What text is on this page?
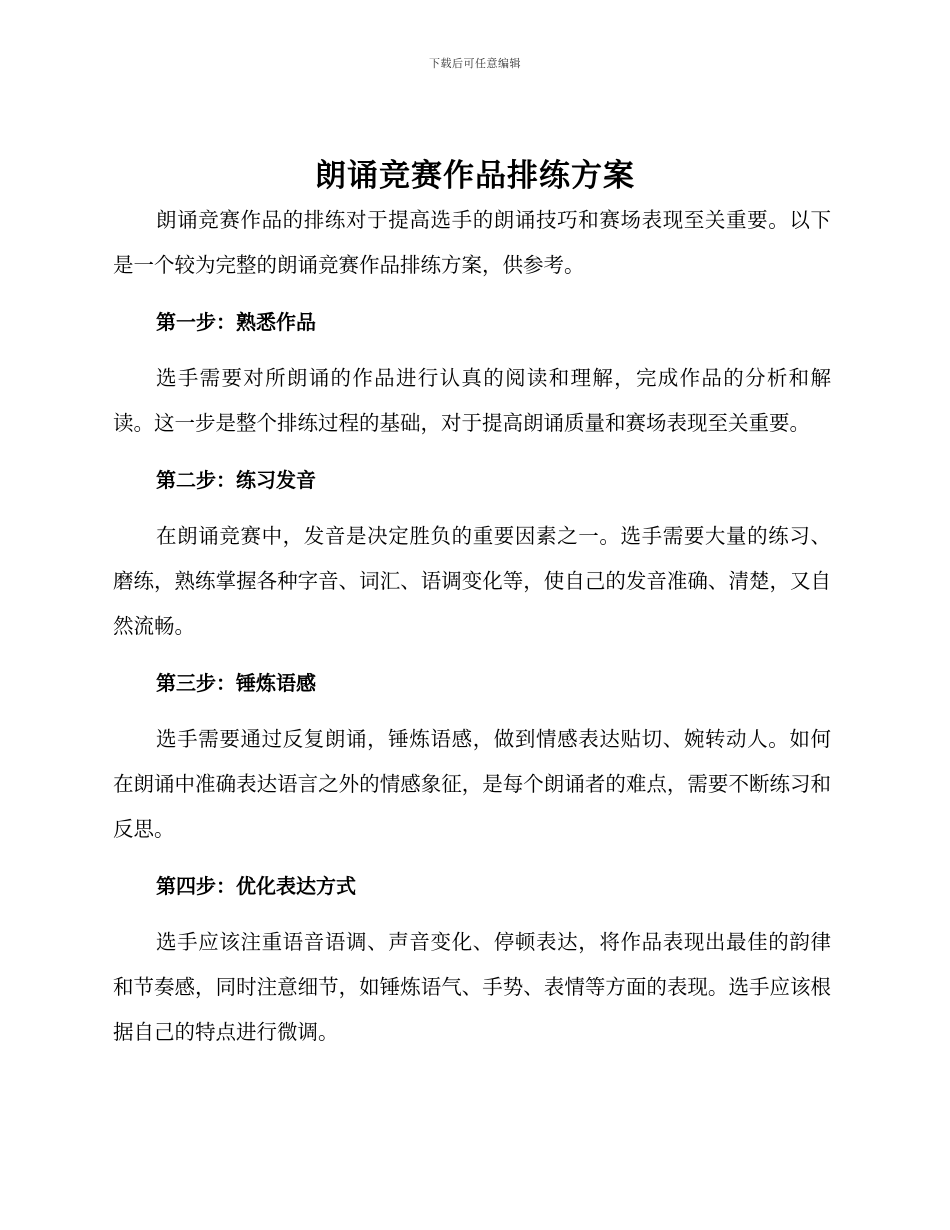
下载后可任意编辑
朗诵竞赛作品排练方案

朗诵竞赛作品的排练对于提高选手的朗诵技巧和赛场表现至关重要。以下是一个较为完整的朗诵竞赛作品排练方案，供参考。

第一步：熟悉作品

选手需要对所朗诵的作品进行认真的阅读和理解，完成作品的分析和解读。这一步是整个排练过程的基础，对于提高朗诵质量和赛场表现至关重要。

第二步：练习发音

在朗诵竞赛中，发音是决定胜负的重要因素之一。选手需要大量的练习、磨练，熟练掌握各种字音、词汇、语调变化等，使自己的发音准确、清楚，又自然流畅。

第三步：锤炼语感

选手需要通过反复朗诵，锤炼语感，做到情感表达贴切、婉转动人。如何在朗诵中准确表达语言之外的情感象征，是每个朗诵者的难点，需要不断练习和反思。

第四步：优化表达方式

选手应该注重语音语调、声音变化、停顿表达，将作品表现出最佳的韵律和节奏感，同时注意细节，如锤炼语气、手势、表情等方面的表现。选手应该根据自己的特点进行微调。
